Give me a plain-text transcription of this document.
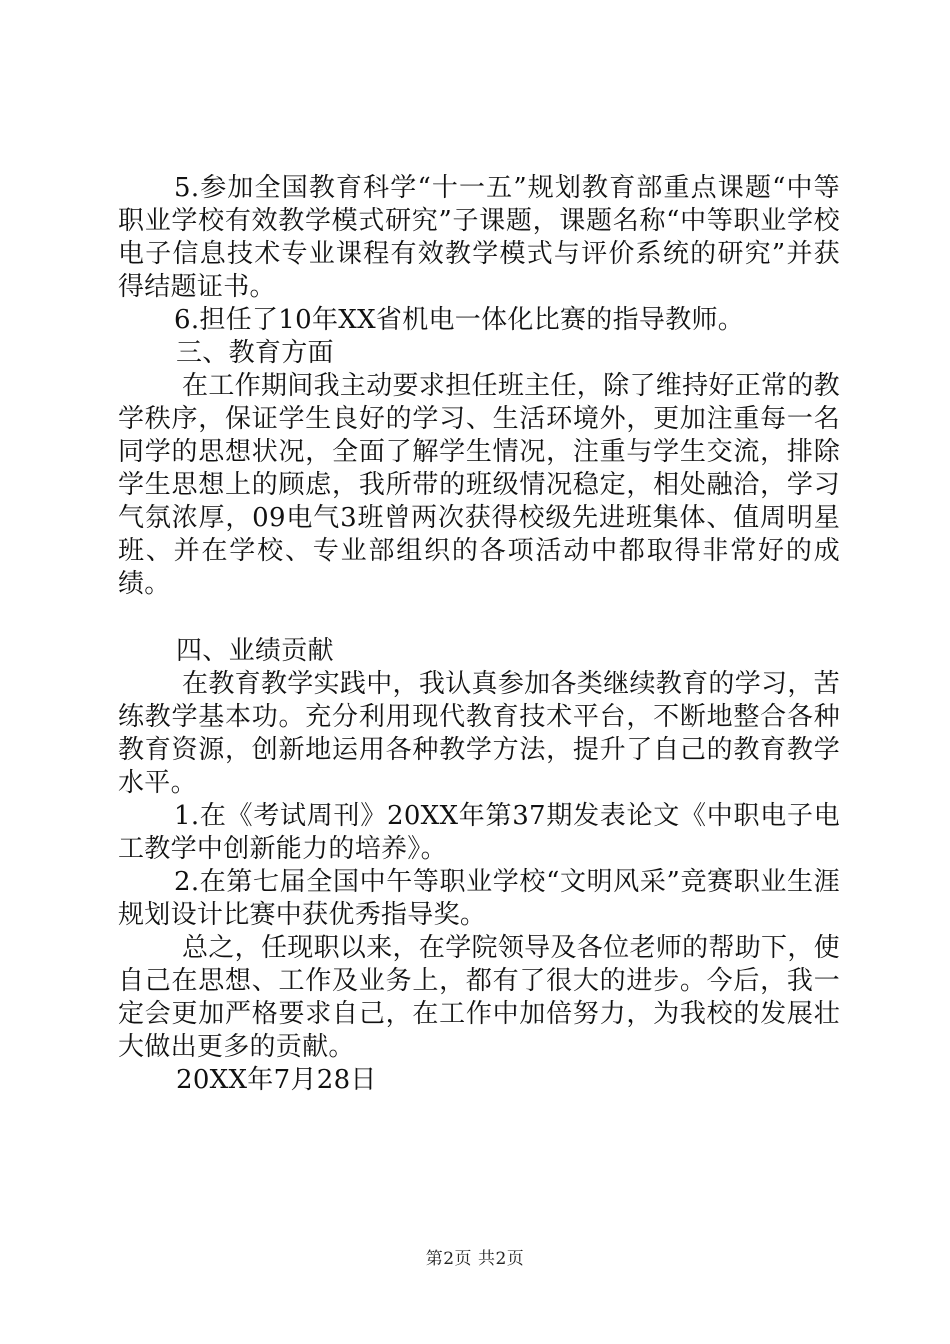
5.参加全国教育科学“十一五”规划教育部重点课题“中等职业学校有效教学模式研究”子课题，课题名称“中等职业学校电子信息技术专业课程有效教学模式与评价系统的研究”并获得结题证书。

6.担任了10年XX省机电一体化比赛的指导教师。

三、教育方面

在工作期间我主动要求担任班主任，除了维持好正常的教学秩序，保证学生良好的学习、生活环境外，更加注重每一名同学的思想状况，全面了解学生情况，注重与学生交流，排除学生思想上的顾虑，我所带的班级情况稳定，相处融洽，学习气氛浓厚，09电气3班曾两次获得校级先进班集体、值周明星班、并在学校、专业部组织的各项活动中都取得非常好的成绩。

四、业绩贡献

在教育教学实践中，我认真参加各类继续教育的学习，苦练教学基本功。充分利用现代教育技术平台，不断地整合各种教育资源，创新地运用各种教学方法，提升了自己的教育教学水平。

1.在《考试周刊》20XX年第37期发表论文《中职电子电工教学中创新能力的培养》。

2.在第七届全国中午等职业学校“文明风采”竞赛职业生涯规划设计比赛中获优秀指导奖。

总之，任现职以来，在学院领导及各位老师的帮助下，使自己在思想、工作及业务上，都有了很大的进步。今后，我一定会更加严格要求自己，在工作中加倍努力，为我校的发展壮大做出更多的贡献。

20XX年7月28日

第2页 共2页
